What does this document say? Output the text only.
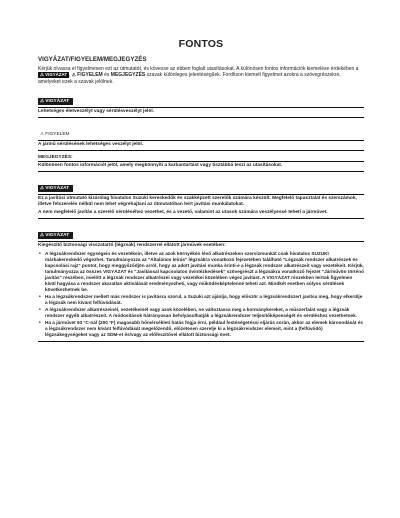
FONTOS
VIGYÁZAT/FIGYELEM/MEGJEGYZÉS

Kérjük olvassa el figyelmesen ezt az útmutatót, és kövesse az ebben foglalt utasításokat. A különösen fontos információk kiemelése érdekében a ⚠ VIGYÁZAT , ⚠ FIGYELEM és MEGJEGYZÉS szavak különleges jelentéségűek. Fordítson kiemelt figyelmet azokra a szövegrészekre, amelyeket ezek a szavak jelölnek.

⚠ VIGYÁZAT

Lehetséges életveszélyt vagy sérülésveszélyt jelöl.

⚠ FIGYELEM

A jármű sérülésének lehetséges veszélyt jelöl.

MEGJEGYZÉS:

Különösen fontos információt jelöl, amely megkönnyíti a karbantartást vagy tisztábbá teszi az utasításokat.

⚠ VIGYÁZAT

Ez a javítási útmutató kizárólag hivatalos Suzuki kereskedők és szakképzett szerelők számára készült. Megfelelő tapasztalat és szerszámok, illetve felszerelés nélkül nem lehet végrehajtani az útmutatóban leírt javítási munkálatokat.

A nem megfelelő javítás a szerelő sérüléséhez vezethet, és a vezető, valamint az utasok számára veszélyessé teheti a járművet.

⚠ VIGYÁZAT

Kiegészítő biztonsági visszatartó (légzsák) rendszerrel ellátott járművek esetében:

• A légzsákrendszer egységein és vezetékein, illetve az azok környékén lévő alkatrészeken szervizmunkát csak hivatalos SUZUKI márkakereskedő végezhet. Tanulmányozza az "Általános leírás" légzsákra vonatkozó fejezetében található "Légzsák rendszer alkatrészek és kapcsolási rajz" pontot, hogy meggyőződjön arról, hogy az adott javítási munka érinti-e a légzsák rendszer alkatrészeit vagy vezetékeit. Kérjük, tanulmányozza az összes VIGYÁZAT és "Javítással kapcsolatos óvintézkedések" szövegrészt a légzsákra vonatkozó fejezet "Járművön történő javítás" részében, mielőtt a légzsák rendszer alkatrészei vagy vezetékei közelében végez javítást. A VIGYÁZAT részekben leírtak figyelmen kívül hagyása a rendszer akaratlan aktiválását eredményezheti, vagy működésképtelenné teheti azt. Mindkét esetben súlyos sérülések következhetnek be.
• Ha a légzsákrendszer mellett más rendszer is javításra szorul, a Suzuki azt ajánlja, hogy először a légzsákrendszert javítsa meg, hogy elkerülje a légzsák nem kívánt felfúvódását.
• A légzsákrendszer alkatrészeinél, vezetékeinél vagy azok közelében, ne változtassa meg a kormánykereket, a műszerfalat vagy a légzsák rendszer egyéb alkatrészeit. A módosítások hátrányosan befolyásolhatják a légzsákrendszer teljesítőképességét és sérüléshez vezethetnek.
• Ha a járművet 93 °C-nál (200 °F) magasabb hőmérsékleti hatás fogja érni, például festéségetéssi eljárás során, akkor az elemek károsodását és a légzsákrendszer nem kívánt felfúvódását megelőzendő, előzetesen szerelje ki a légzsákrendszer elemeit, mint a (felfúvódó) légzsákegységeket vagy az SDM-et és/vagy az előfeszítővel ellátott biztonsági övet.
